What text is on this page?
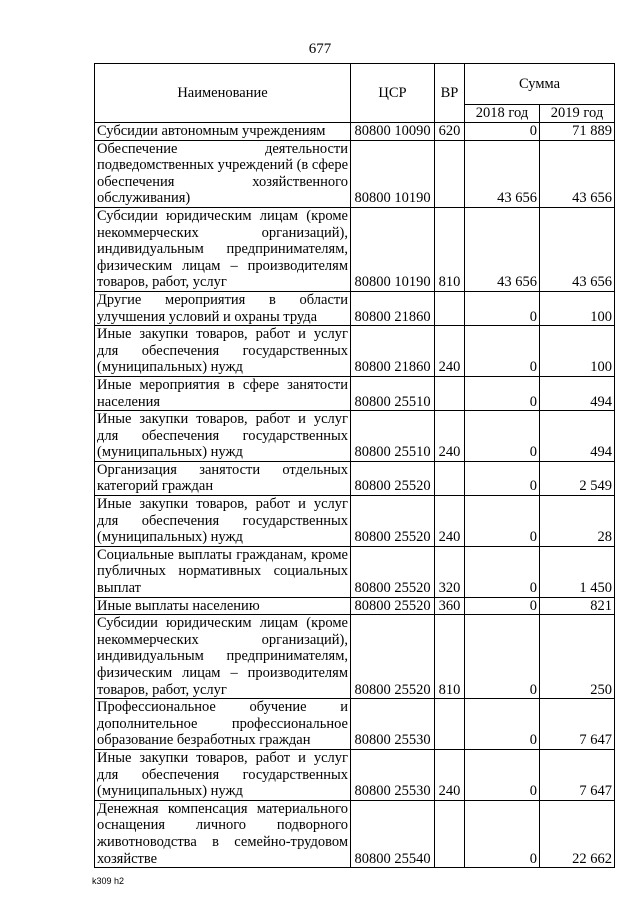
677
Наименование	ЦСР	ВР	Сумма	
			2018 год	2019 год
Субсидии автономным учреждениям	80800 10090	620	0	71 889
Обеспечение деятельности подведомственных учреждений (в сфере обеспечения хозяйственного обслуживания)	80800 10190		43 656	43 656
Субсидии юридическим лицам (кроме некоммерческих организаций), индивидуальным предпринимателям, физическим лицам – производителям товаров, работ, услуг	80800 10190	810	43 656	43 656
Другие мероприятия в области улучшения условий и охраны труда	80800 21860		0	100
Иные закупки товаров, работ и услуг для обеспечения государственных (муниципальных) нужд	80800 21860	240	0	100
Иные мероприятия в сфере занятости населения	80800 25510		0	494
Иные закупки товаров, работ и услуг для обеспечения государственных (муниципальных) нужд	80800 25510	240	0	494
Организация занятости отдельных категорий граждан	80800 25520		0	2 549
Иные закупки товаров, работ и услуг для обеспечения государственных (муниципальных) нужд	80800 25520	240	0	28
Социальные выплаты гражданам, кроме публичных нормативных социальных выплат	80800 25520	320	0	1 450
Иные выплаты населению	80800 25520	360	0	821
Субсидии юридическим лицам (кроме некоммерческих организаций), индивидуальным предпринимателям, физическим лицам – производителям товаров, работ, услуг	80800 25520	810	0	250
Профессиональное обучение и дополнительное профессиональное образование безработных граждан	80800 25530		0	7 647
Иные закупки товаров, работ и услуг для обеспечения государственных (муниципальных) нужд	80800 25530	240	0	7 647
Денежная компенсация материального оснащения личного подворного животноводства в семейно-трудовом хозяйстве	80800 25540		0	22 662
k309 h2
